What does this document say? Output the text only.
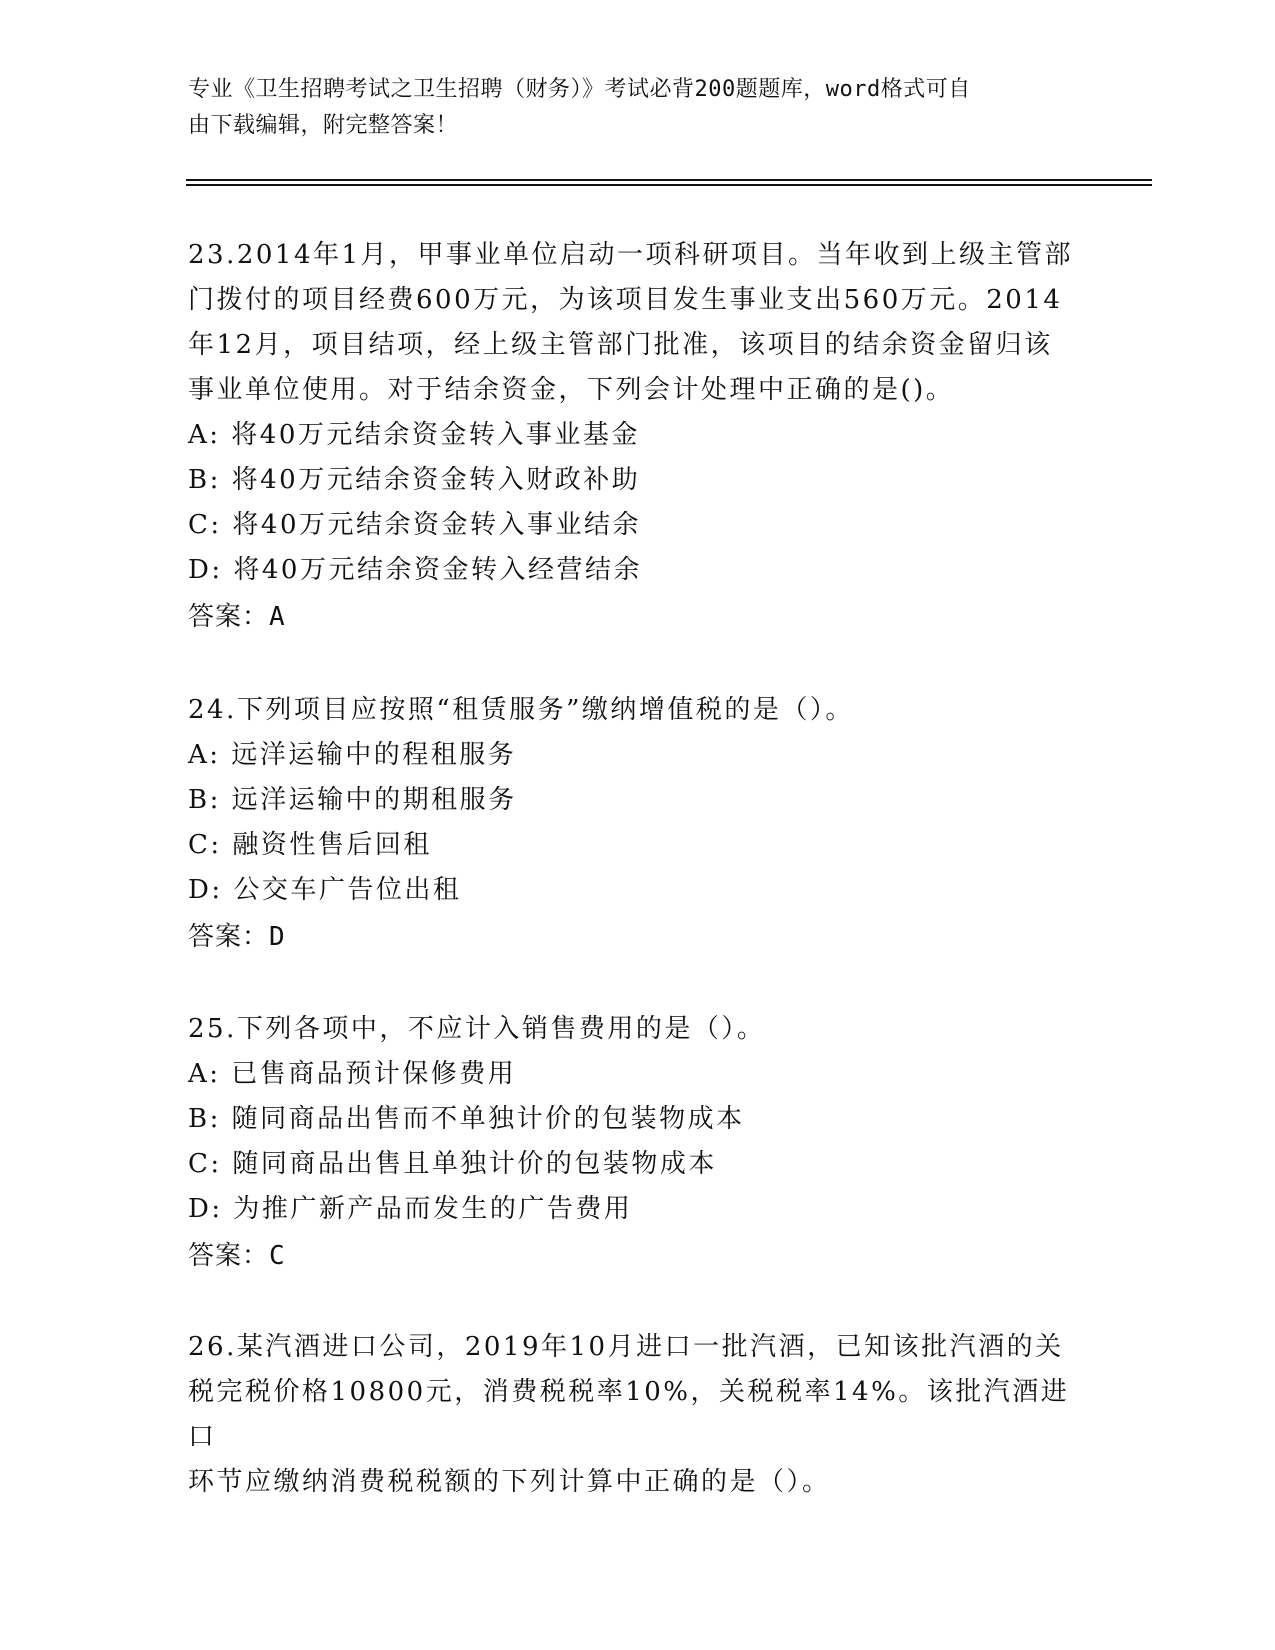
专业《卫生招聘考试之卫生招聘（财务）》考试必背200题题库，word格式可自
由下载编辑，附完整答案！

23.2014年1月，甲事业单位启动一项科研项目。当年收到上级主管部

门拨付的项目经费600万元，为该项目发生事业支出560万元。2014

年12月，项目结项，经上级主管部门批准，该项目的结余资金留归该

事业单位使用。对于结余资金，下列会计处理中正确的是()。

A: 将40万元结余资金转入事业基金

B: 将40万元结余资金转入财政补助

C: 将40万元结余资金转入事业结余

D: 将40万元结余资金转入经营结余

答案：A

24.下列项目应按照“租赁服务”缴纳增值税的是（）。

A: 远洋运输中的程租服务

B: 远洋运输中的期租服务

C: 融资性售后回租

D: 公交车广告位出租

答案：D

25.下列各项中，不应计入销售费用的是（）。

A: 已售商品预计保修费用

B: 随同商品出售而不单独计价的包装物成本

C: 随同商品出售且单独计价的包装物成本

D: 为推广新产品而发生的广告费用

答案：C

26.某汽酒进口公司，2019年10月进口一批汽酒，已知该批汽酒的关

税完税价格10800元，消费税税率10%，关税税率14%。该批汽酒进口

环节应缴纳消费税税额的下列计算中正确的是（）。
